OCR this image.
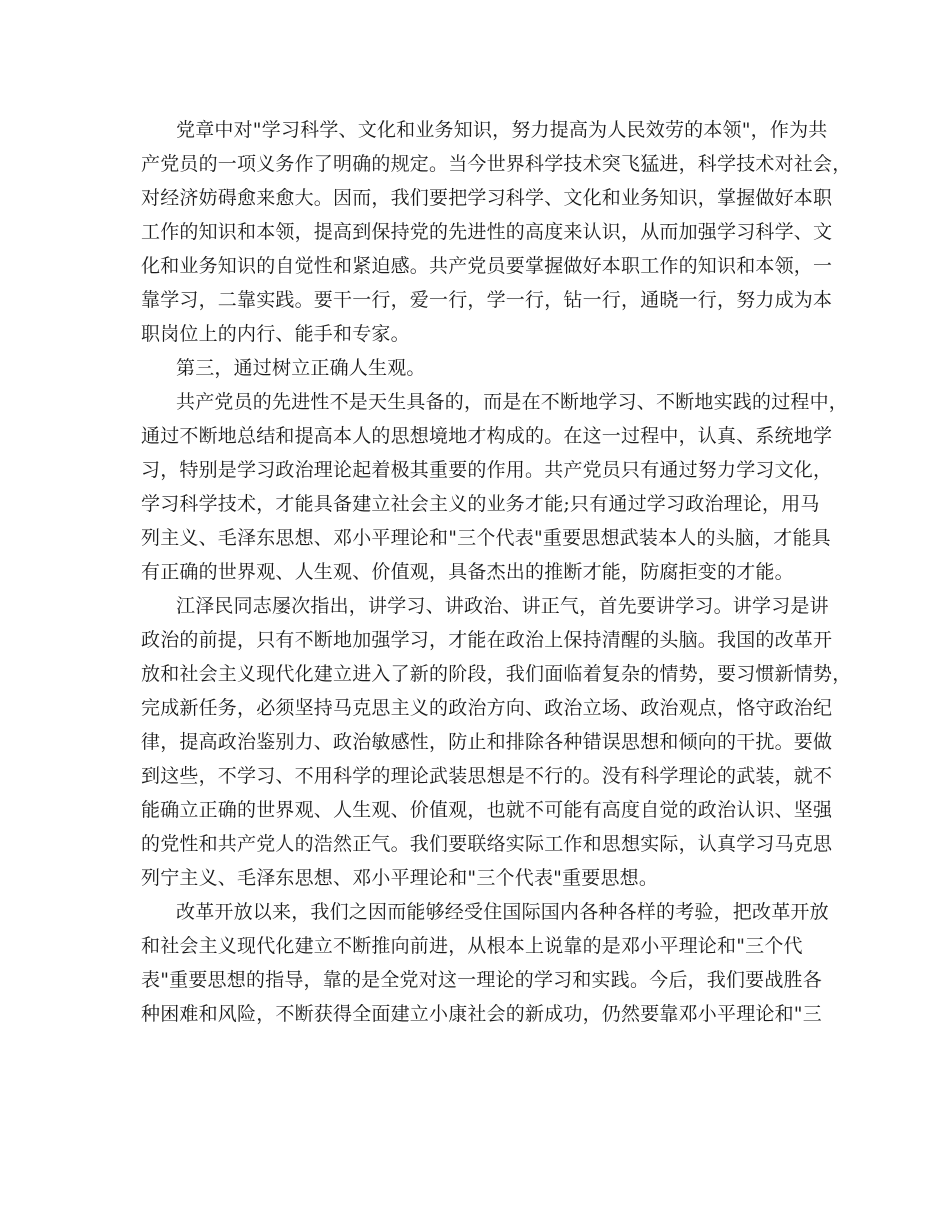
党章中对"学习科学、文化和业务知识，努力提高为人民效劳的本领"，作为共
产党员的一项义务作了明确的规定。当今世界科学技术突飞猛进，科学技术对社会，
对经济妨碍愈来愈大。因而，我们要把学习科学、文化和业务知识，掌握做好本职
工作的知识和本领，提高到保持党的先进性的高度来认识，从而加强学习科学、文
化和业务知识的自觉性和紧迫感。共产党员要掌握做好本职工作的知识和本领，一
靠学习，二靠实践。要干一行，爱一行，学一行，钻一行，通晓一行，努力成为本
职岗位上的内行、能手和专家。
第三，通过树立正确人生观。
共产党员的先进性不是天生具备的，而是在不断地学习、不断地实践的过程中，
通过不断地总结和提高本人的思想境地才构成的。在这一过程中，认真、系统地学
习，特别是学习政治理论起着极其重要的作用。共产党员只有通过努力学习文化，
学习科学技术，才能具备建立社会主义的业务才能;只有通过学习政治理论，用马
列主义、毛泽东思想、邓小平理论和"三个代表"重要思想武装本人的头脑，才能具
有正确的世界观、人生观、价值观，具备杰出的推断才能，防腐拒变的才能。
江泽民同志屡次指出，讲学习、讲政治、讲正气，首先要讲学习。讲学习是讲
政治的前提，只有不断地加强学习，才能在政治上保持清醒的头脑。我国的改革开
放和社会主义现代化建立进入了新的阶段，我们面临着复杂的情势，要习惯新情势，
完成新任务，必须坚持马克思主义的政治方向、政治立场、政治观点，恪守政治纪
律，提高政治鉴别力、政治敏感性，防止和排除各种错误思想和倾向的干扰。要做
到这些，不学习、不用科学的理论武装思想是不行的。没有科学理论的武装，就不
能确立正确的世界观、人生观、价值观，也就不可能有高度自觉的政治认识、坚强
的党性和共产党人的浩然正气。我们要联络实际工作和思想实际，认真学习马克思
列宁主义、毛泽东思想、邓小平理论和"三个代表"重要思想。
改革开放以来，我们之因而能够经受住国际国内各种各样的考验，把改革开放
和社会主义现代化建立不断推向前进，从根本上说靠的是邓小平理论和"三个代
表"重要思想的指导，靠的是全党对这一理论的学习和实践。今后，我们要战胜各
种困难和风险，不断获得全面建立小康社会的新成功，仍然要靠邓小平理论和"三
